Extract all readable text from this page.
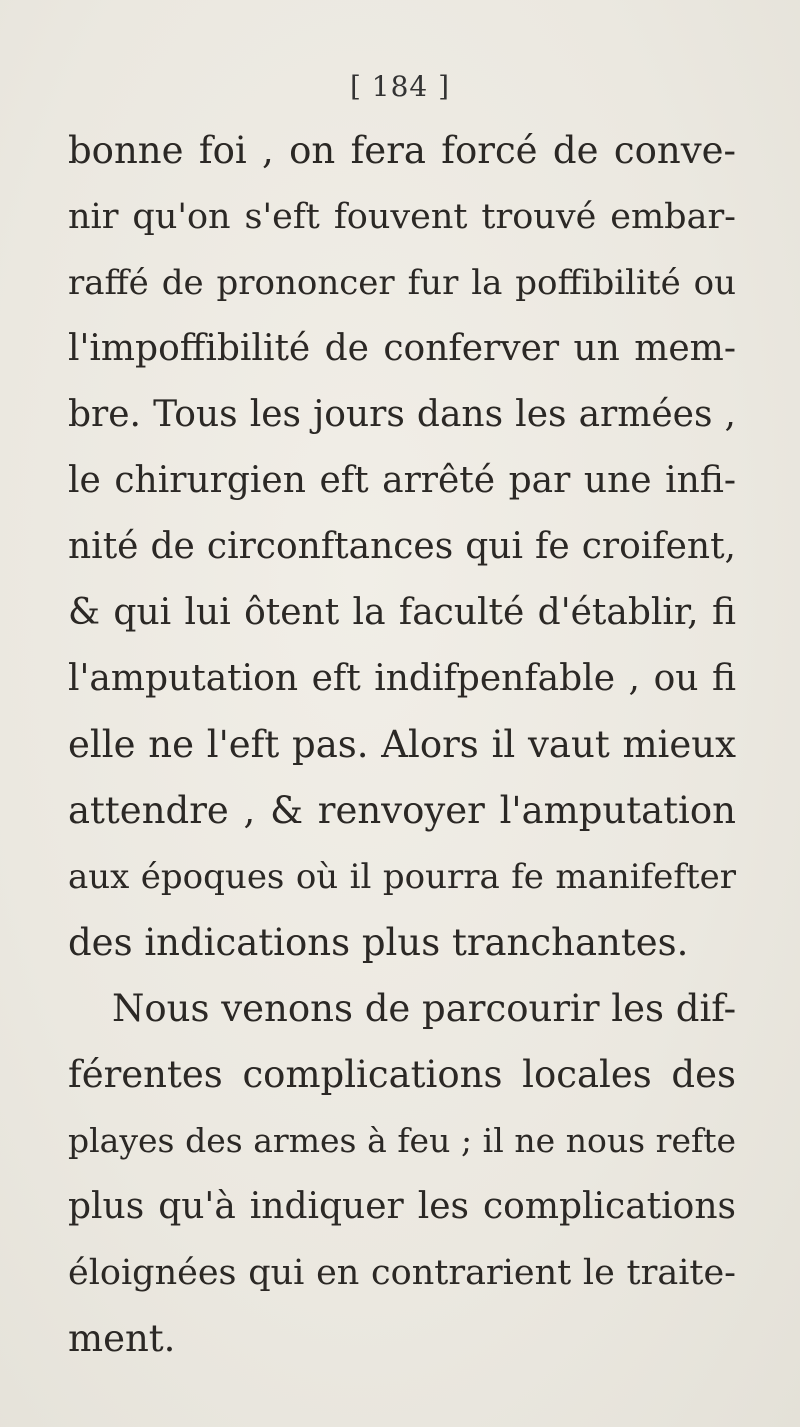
[ 184 ]
bonne foi , on fera forcé de conve-
nir qu'on s'eft fouvent trouvé embar-
raffé de prononcer fur la poffibilité ou
l'impoffibilité de conferver un mem-
bre. Tous les jours dans les armées ,
le chirurgien eft arrêté par une infi-
nité de circonftances qui fe croifent,
& qui lui ôtent la faculté d'établir, fi
l'amputation eft indifpenfable , ou fi
elle ne l'eft pas. Alors il vaut mieux
attendre , & renvoyer l'amputation
aux époques où il pourra fe manifefter
des indications plus tranchantes.
Nous venons de parcourir les dif-
férentes complications locales des
playes des armes à feu ; il ne nous refte
plus qu'à indiquer les complications
éloignées qui en contrarient le traite-
ment.
